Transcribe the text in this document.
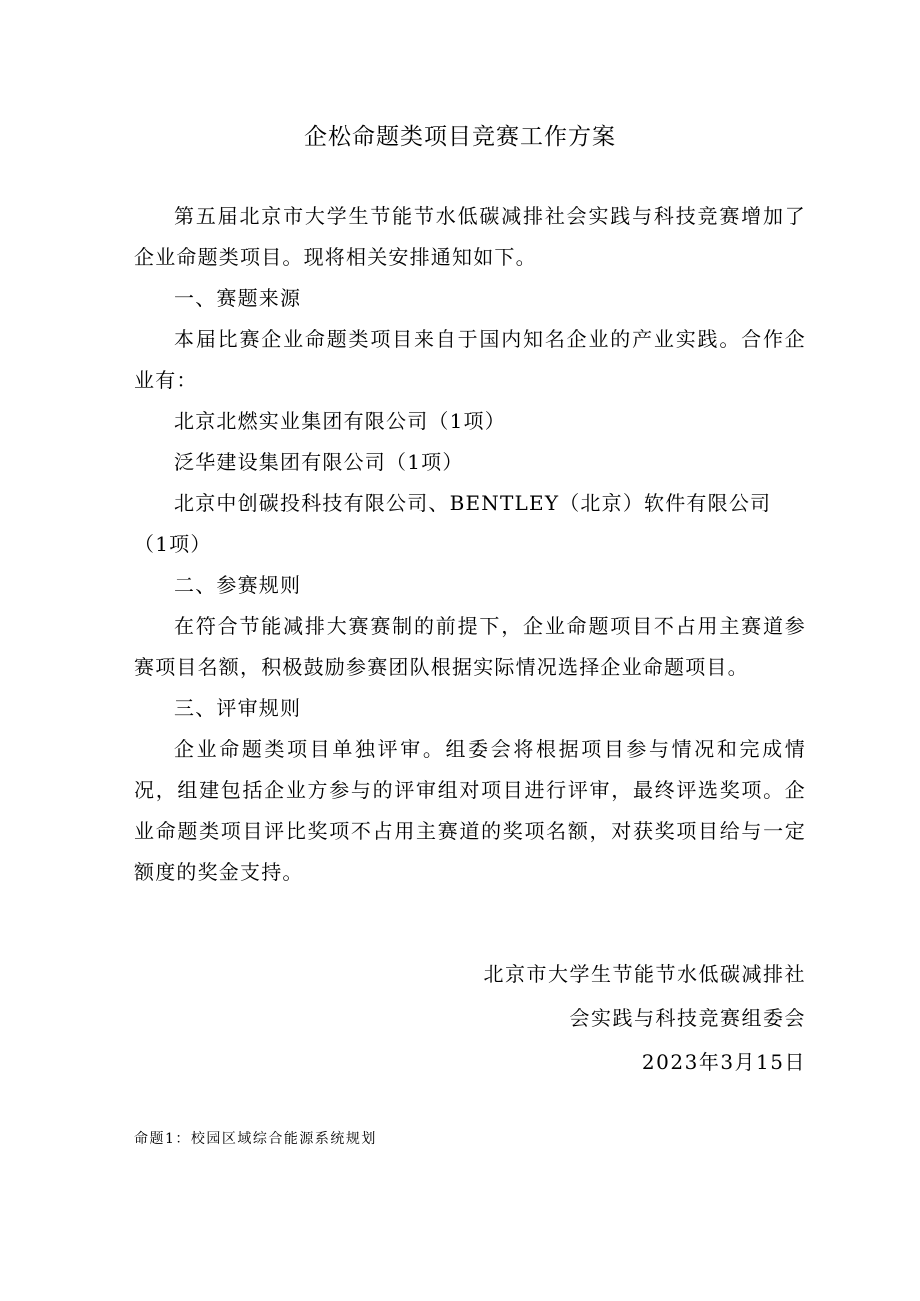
企松命题类项目竞赛工作方案

第五届北京市大学生节能节水低碳减排社会实践与科技竞赛增加了企业命题类项目。现将相关安排通知如下。

一、赛题来源

本届比赛企业命题类项目来自于国内知名企业的产业实践。合作企业有：

北京北燃实业集团有限公司（1项）

泛华建设集团有限公司（1项）

北京中创碳投科技有限公司、BENTLEY（北京）软件有限公司

（1项）

二、参赛规则

在符合节能减排大赛赛制的前提下，企业命题项目不占用主赛道参赛项目名额，积极鼓励参赛团队根据实际情况选择企业命题项目。

三、评审规则

企业命题类项目单独评审。组委会将根据项目参与情况和完成情况，组建包括企业方参与的评审组对项目进行评审，最终评选奖项。企业命题类项目评比奖项不占用主赛道的奖项名额，对获奖项目给与一定额度的奖金支持。

北京市大学生节能节水低碳减排社
会实践与科技竞赛组委会
2023年3月15日
命题1：校园区域综合能源系统规划
